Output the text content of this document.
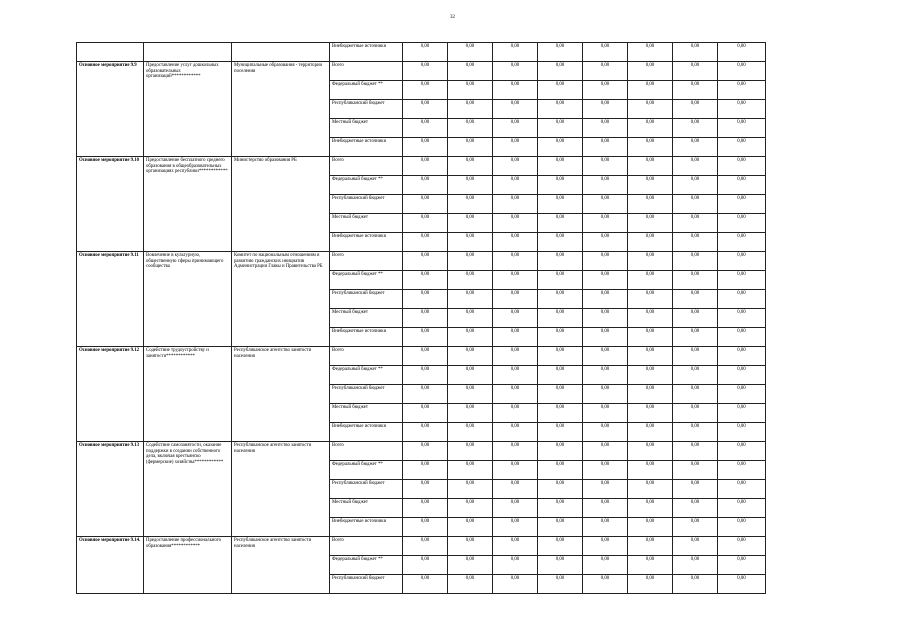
32
			Внебюджетные источники	0,00	0,00	0,00	0,00	0,00	0,00	0,00	0,00
Основное мероприятие 9.9	Предоставление услуг дошкольных образовательных организаций************	Муниципальные образования - территории поселения	Всего	0,00	0,00	0,00	0,00	0,00	0,00	0,00	0,00
			Федеральный бюджет **	0,00	0,00	0,00	0,00	0,00	0,00	0,00	0,00
			Республиканский бюджет	0,00	0,00	0,00	0,00	0,00	0,00	0,00	0,00
			Местный бюджет	0,00	0,00	0,00	0,00	0,00	0,00	0,00	0,00
			Внебюджетные источники	0,00	0,00	0,00	0,00	0,00	0,00	0,00	0,00
Основное мероприятие 9.10	Предоставление бесплатного среднего образования в общеобразовательных организациях республики************	Министерство образования РБ	Всего	0,00	0,00	0,00	0,00	0,00	0,00	0,00	0,00
			Федеральный бюджет **	0,00	0,00	0,00	0,00	0,00	0,00	0,00	0,00
			Республиканский бюджет	0,00	0,00	0,00	0,00	0,00	0,00	0,00	0,00
			Местный бюджет	0,00	0,00	0,00	0,00	0,00	0,00	0,00	0,00
			Внебюджетные источники	0,00	0,00	0,00	0,00	0,00	0,00	0,00	0,00
Основное мероприятие 9.11	Вовлечение в культурную, общественную сферы принимающего сообщества	Комитет по национальным отношениям и развитию гражданских инициатив Администрации Главы и Правительства РБ	Всего	0,00	0,00	0,00	0,00	0,00	0,00	0,00	0,00
			Федеральный бюджет **	0,00	0,00	0,00	0,00	0,00	0,00	0,00	0,00
			Республиканский бюджет	0,00	0,00	0,00	0,00	0,00	0,00	0,00	0,00
			Местный бюджет	0,00	0,00	0,00	0,00	0,00	0,00	0,00	0,00
			Внебюджетные источники	0,00	0,00	0,00	0,00	0,00	0,00	0,00	0,00
Основное мероприятие 9.12	Содействие трудоустройству и занятости************	Республиканское агентство занятости населения	Всего	0,00	0,00	0,00	0,00	0,00	0,00	0,00	0,00
			Федеральный бюджет **	0,00	0,00	0,00	0,00	0,00	0,00	0,00	0,00
			Республиканский бюджет	0,00	0,00	0,00	0,00	0,00	0,00	0,00	0,00
			Местный бюджет	0,00	0,00	0,00	0,00	0,00	0,00	0,00	0,00
			Внебюджетные источники	0,00	0,00	0,00	0,00	0,00	0,00	0,00	0,00
Основное мероприятие 9.13	Содействие самозанятости, оказание поддержки в создании собственного дела, включая крестьянско (фермерские) хозяйства************	Республиканское агентство занятости населения	Всего	0,00	0,00	0,00	0,00	0,00	0,00	0,00	0,00
			Федеральный бюджет **	0,00	0,00	0,00	0,00	0,00	0,00	0,00	0,00
			Республиканский бюджет	0,00	0,00	0,00	0,00	0,00	0,00	0,00	0,00
			Местный бюджет	0,00	0,00	0,00	0,00	0,00	0,00	0,00	0,00
			Внебюджетные источники	0,00	0,00	0,00	0,00	0,00	0,00	0,00	0,00
Основное мероприятие 9.14.	Предоставление профессионального образования************	Республиканское агентство занятости населения	Всего	0,00	0,00	0,00	0,00	0,00	0,00	0,00	0,00
			Федеральный бюджет **	0,00	0,00	0,00	0,00	0,00	0,00	0,00	0,00
			Республиканский бюджет	0,00	0,00	0,00	0,00	0,00	0,00	0,00	0,00
